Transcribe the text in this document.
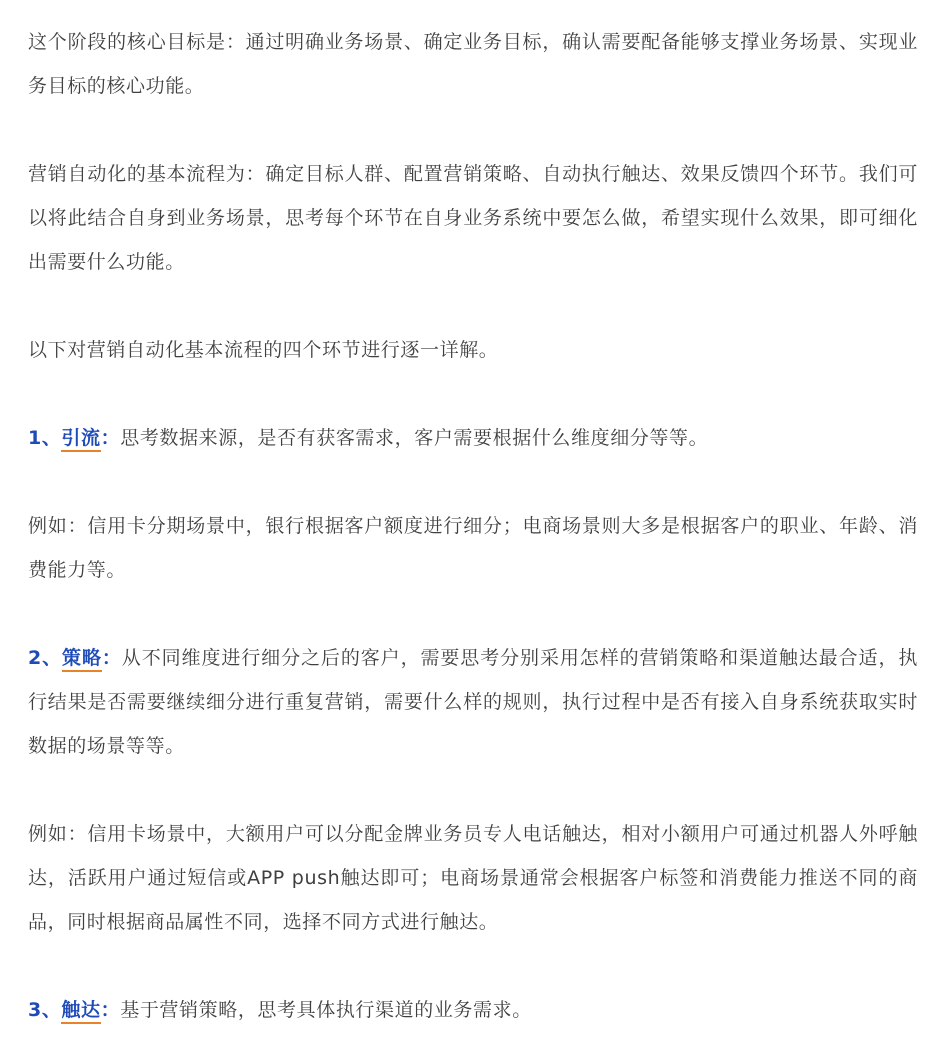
这个阶段的核心目标是：通过明确业务场景、确定业务目标，确认需要配备能够支撑业务场景、实现业务目标的核心功能。

营销自动化的基本流程为：确定目标人群、配置营销策略、自动执行触达、效果反馈四个环节。我们可以将此结合自身到业务场景，思考每个环节在自身业务系统中要怎么做，希望实现什么效果，即可细化出需要什么功能。

以下对营销自动化基本流程的四个环节进行逐一详解。

1、引流：思考数据来源，是否有获客需求，客户需要根据什么维度细分等等。

例如：信用卡分期场景中，银行根据客户额度进行细分；电商场景则大多是根据客户的职业、年龄、消费能力等。

2、策略：从不同维度进行细分之后的客户，需要思考分别采用怎样的营销策略和渠道触达最合适，执行结果是否需要继续细分进行重复营销，需要什么样的规则，执行过程中是否有接入自身系统获取实时数据的场景等等。

例如：信用卡场景中，大额用户可以分配金牌业务员专人电话触达，相对小额用户可通过机器人外呼触达，活跃用户通过短信或APP push触达即可；电商场景通常会根据客户标签和消费能力推送不同的商品，同时根据商品属性不同，选择不同方式进行触达。

3、触达：基于营销策略，思考具体执行渠道的业务需求。
